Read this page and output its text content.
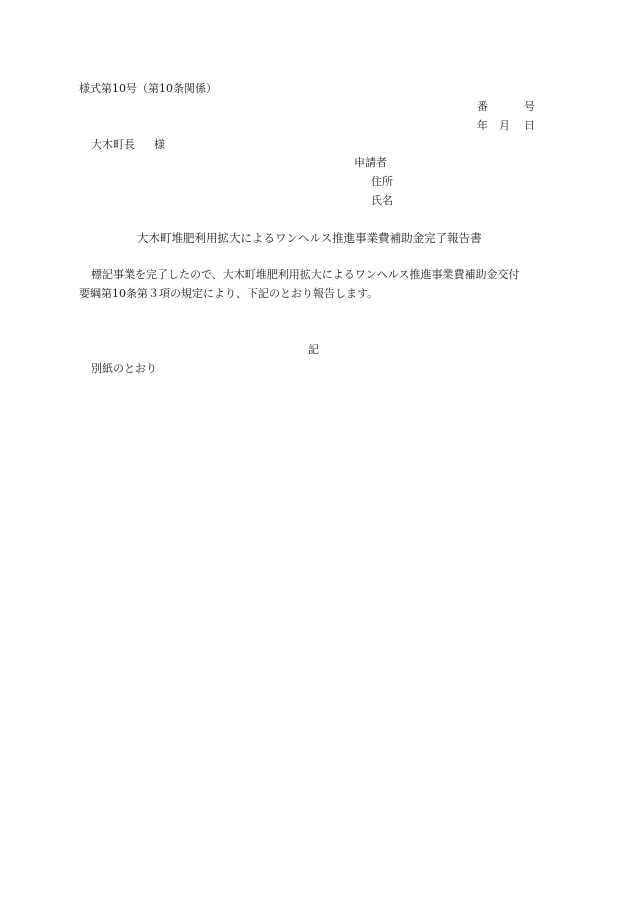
様式第10号（第10条関係）

番	号
年 月 日
大木町長 様
申請者
住所
氏名
大木町堆肥利用拡大によるワンヘルス推進事業費補助金完了報告書

標記事業を完了したので、大木町堆肥利用拡大によるワンヘルス推進事業費補助金交付

要綱第10条第３項の規定により、下記のとおり報告します。

記
別紙のとおり
